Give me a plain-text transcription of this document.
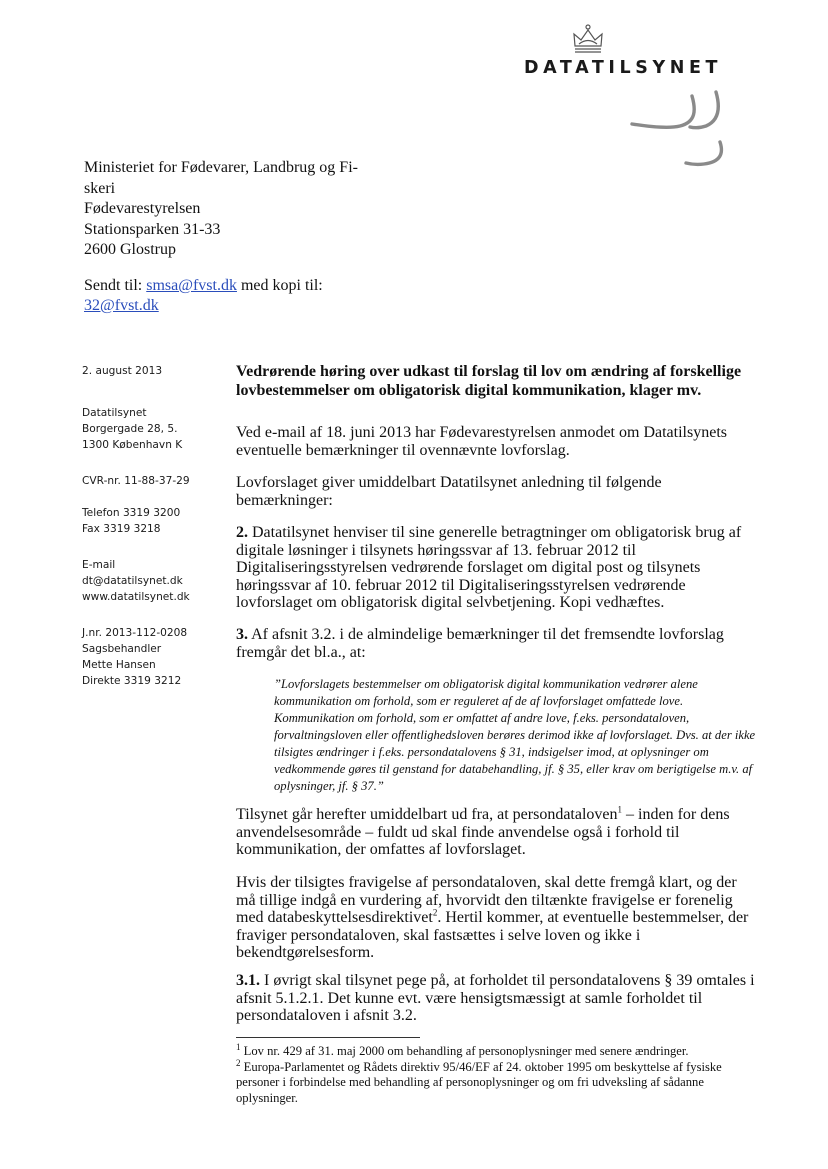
DATATILSYNET
Ministeriet for Fødevarer, Landbrug og Fi-
skeri
Fødevarestyrelsen
Stationsparken 31-33
2600 Glostrup
Sendt til: smsa@fvst.dk med kopi til:
32@fvst.dk
2. august 2013
Datatilsynet
Borgergade 28, 5.
1300 København K
CVR-nr. 11-88-37-29
Telefon 3319 3200
Fax 3319 3218
E-mail
dt@datatilsynet.dk
www.datatilsynet.dk
J.nr. 2013-112-0208
Sagsbehandler
Mette Hansen
Direkte 3319 3212

Vedrørende høring over udkast til forslag til lov om ændring af forskellige lovbestemmelser om obligatorisk digital kommunikation, klager mv.

Ved e-mail af 18. juni 2013 har Fødevarestyrelsen anmodet om Datatilsynets eventuelle bemærkninger til ovennævnte lovforslag.

Lovforslaget giver umiddelbart Datatilsynet anledning til følgende bemærkninger:

2. Datatilsynet henviser til sine generelle betragtninger om obligatorisk brug af digitale løsninger i tilsynets høringssvar af 13. februar 2012 til Digitaliseringsstyrelsen vedrørende forslaget om digital post og tilsynets høringssvar af 10. februar 2012 til Digitaliseringsstyrelsen vedrørende lovforslaget om obligatorisk digital selvbetjening. Kopi vedhæftes.

3. Af afsnit 3.2. i de almindelige bemærkninger til det fremsendte lovforslag fremgår det bl.a., at:

”Lovforslagets bestemmelser om obligatorisk digital kommunikation vedrører alene kommunikation om forhold, som er reguleret af de af lovforslaget omfattede love. Kommunikation om forhold, som er omfattet af andre love, f.eks. persondataloven, forvaltningsloven eller offentlighedsloven berøres derimod ikke af lovforslaget. Dvs. at der ikke tilsigtes ændringer i f.eks. persondatalovens § 31, indsigelser imod, at oplysninger om vedkommende gøres til genstand for databehandling, jf. § 35, eller krav om berigtigelse m.v. af oplysninger, jf. § 37.”

Tilsynet går herefter umiddelbart ud fra, at persondataloven$^1$ – inden for dens anvendelsesområde – fuldt ud skal finde anvendelse også i forhold til kommunikation, der omfattes af lovforslaget.

Hvis der tilsigtes fravigelse af persondataloven, skal dette fremgå klart, og der må tillige indgå en vurdering af, hvorvidt den tiltænkte fravigelse er forenelig med databeskyttelsesdirektivet$^2$. Hertil kommer, at eventuelle bestemmelser, der fraviger persondataloven, skal fastsættes i selve loven og ikke i bekendtgørelsesform.

3.1. I øvrigt skal tilsynet pege på, at forholdet til persondatalovens § 39 omtales i afsnit 5.1.2.1. Det kunne evt. være hensigtsmæssigt at samle forholdet til persondataloven i afsnit 3.2.

$^1$ Lov nr. 429 af 31. maj 2000 om behandling af personoplysninger med senere ændringer.

$^2$ Europa-Parlamentet og Rådets direktiv 95/46/EF af 24. oktober 1995 om beskyttelse af fysiske personer i forbindelse med behandling af personoplysninger og om fri udveksling af sådanne oplysninger.
